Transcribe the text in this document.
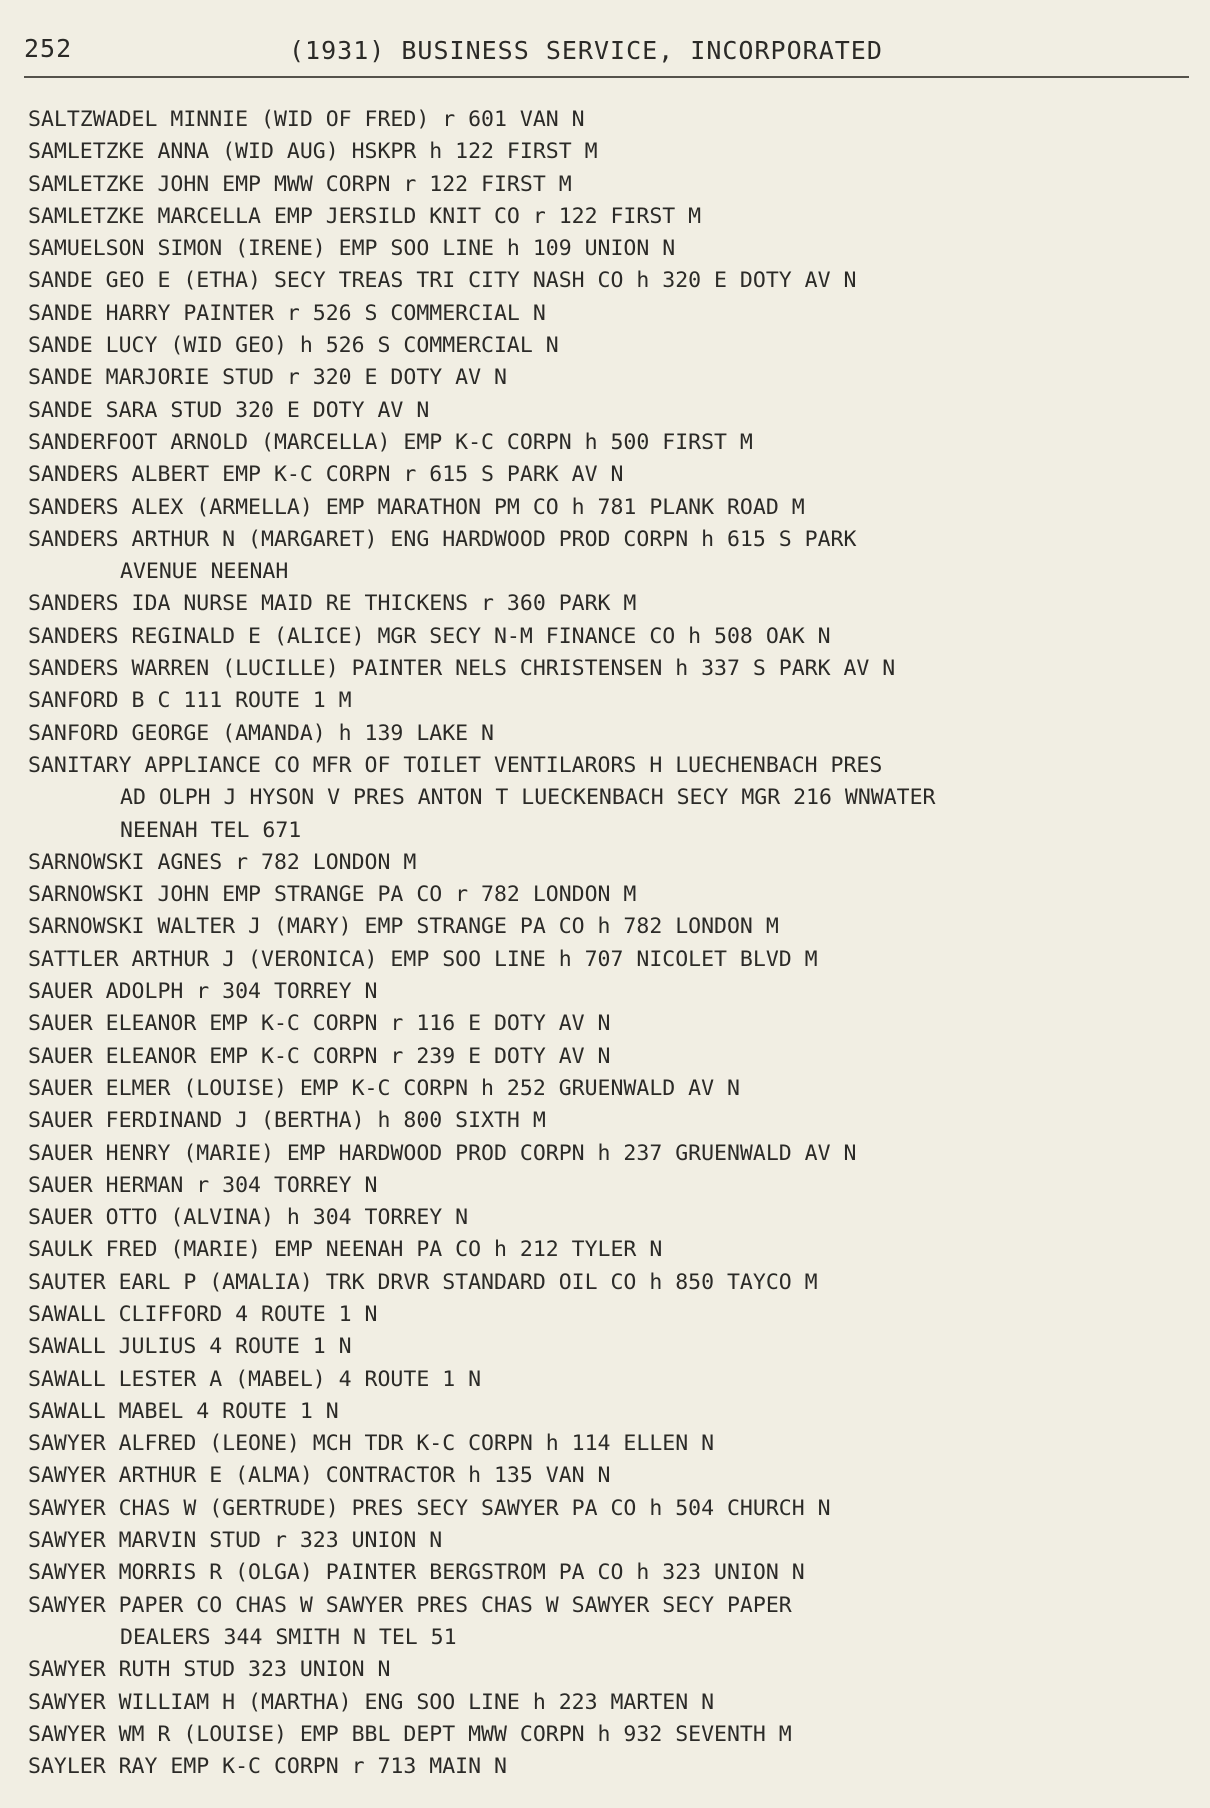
252	(1931) BUSINESS SERVICE, INCORPORATED
SALTZWADEL MINNIE (WID OF FRED) r 601 VAN N
SAMLETZKE ANNA (WID AUG) HSKPR h 122 FIRST M
SAMLETZKE JOHN EMP MWW CORPN r 122 FIRST M
SAMLETZKE MARCELLA EMP JERSILD KNIT CO r 122 FIRST M
SAMUELSON SIMON (IRENE) EMP SOO LINE h 109 UNION N
SANDE GEO E (ETHA) SECY TREAS TRI CITY NASH CO h 320 E DOTY AV N
SANDE HARRY PAINTER r 526 S COMMERCIAL N
SANDE LUCY (WID GEO) h 526 S COMMERCIAL N
SANDE MARJORIE STUD r 320 E DOTY AV N
SANDE SARA STUD 320 E DOTY AV N
SANDERFOOT ARNOLD (MARCELLA) EMP K-C CORPN h 500 FIRST M
SANDERS ALBERT EMP K-C CORPN r 615 S PARK AV N
SANDERS ALEX (ARMELLA) EMP MARATHON PM CO h 781 PLANK ROAD M
SANDERS ARTHUR N (MARGARET) ENG HARDWOOD PROD CORPN h 615 S PARK
AVENUE NEENAH
SANDERS IDA NURSE MAID RE THICKENS r 360 PARK M
SANDERS REGINALD E (ALICE) MGR SECY N-M FINANCE CO h 508 OAK N
SANDERS WARREN (LUCILLE) PAINTER NELS CHRISTENSEN h 337 S PARK AV N
SANFORD B C 111 ROUTE 1 M
SANFORD GEORGE (AMANDA) h 139 LAKE N
SANITARY APPLIANCE CO MFR OF TOILET VENTILARORS H LUECHENBACH PRES
AD OLPH J HYSON V PRES ANTON T LUECKENBACH SECY MGR 216 WNWATER
NEENAH TEL 671
SARNOWSKI AGNES r 782 LONDON M
SARNOWSKI JOHN EMP STRANGE PA CO r 782 LONDON M
SARNOWSKI WALTER J (MARY) EMP STRANGE PA CO h 782 LONDON M
SATTLER ARTHUR J (VERONICA) EMP SOO LINE h 707 NICOLET BLVD M
SAUER ADOLPH r 304 TORREY N
SAUER ELEANOR EMP K-C CORPN r 116 E DOTY AV N
SAUER ELEANOR EMP K-C CORPN r 239 E DOTY AV N
SAUER ELMER (LOUISE) EMP K-C CORPN h 252 GRUENWALD AV N
SAUER FERDINAND J (BERTHA) h 800 SIXTH M
SAUER HENRY (MARIE) EMP HARDWOOD PROD CORPN h 237 GRUENWALD AV N
SAUER HERMAN r 304 TORREY N
SAUER OTTO (ALVINA) h 304 TORREY N
SAULK FRED (MARIE) EMP NEENAH PA CO h 212 TYLER N
SAUTER EARL P (AMALIA) TRK DRVR STANDARD OIL CO h 850 TAYCO M
SAWALL CLIFFORD 4 ROUTE 1 N
SAWALL JULIUS 4 ROUTE 1 N
SAWALL LESTER A (MABEL) 4 ROUTE 1 N
SAWALL MABEL 4 ROUTE 1 N
SAWYER ALFRED (LEONE) MCH TDR K-C CORPN h 114 ELLEN N
SAWYER ARTHUR E (ALMA) CONTRACTOR h 135 VAN N
SAWYER CHAS W (GERTRUDE) PRES SECY SAWYER PA CO h 504 CHURCH N
SAWYER MARVIN STUD r 323 UNION N
SAWYER MORRIS R (OLGA) PAINTER BERGSTROM PA CO h 323 UNION N
SAWYER PAPER CO CHAS W SAWYER PRES CHAS W SAWYER SECY PAPER
DEALERS 344 SMITH N TEL 51
SAWYER RUTH STUD 323 UNION N
SAWYER WILLIAM H (MARTHA) ENG SOO LINE h 223 MARTEN N
SAWYER WM R (LOUISE) EMP BBL DEPT MWW CORPN h 932 SEVENTH M
SAYLER RAY EMP K-C CORPN r 713 MAIN N
